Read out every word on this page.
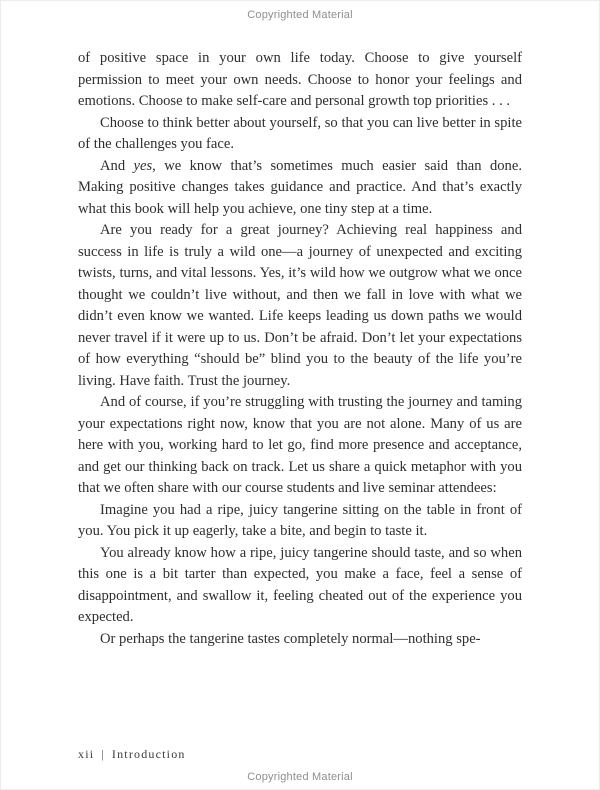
Copyrighted Material

of positive space in your own life today. Choose to give yourself permission to meet your own needs. Choose to honor your feelings and emotions. Choose to make self-care and personal growth top priorities . . .

Choose to think better about yourself, so that you can live better in spite of the challenges you face.

And yes, we know that’s sometimes much easier said than done. Making positive changes takes guidance and practice. And that’s exactly what this book will help you achieve, one tiny step at a time.

Are you ready for a great journey? Achieving real happiness and success in life is truly a wild one—a journey of unexpected and exciting twists, turns, and vital lessons. Yes, it’s wild how we outgrow what we once thought we couldn’t live without, and then we fall in love with what we didn’t even know we wanted. Life keeps leading us down paths we would never travel if it were up to us. Don’t be afraid. Don’t let your expectations of how everything “should be” blind you to the beauty of the life you’re living. Have faith. Trust the journey.

And of course, if you’re struggling with trusting the journey and taming your expectations right now, know that you are not alone. Many of us are here with you, working hard to let go, find more presence and acceptance, and get our thinking back on track. Let us share a quick metaphor with you that we often share with our course students and live seminar attendees:

Imagine you had a ripe, juicy tangerine sitting on the table in front of you. You pick it up eagerly, take a bite, and begin to taste it.

You already know how a ripe, juicy tangerine should taste, and so when this one is a bit tarter than expected, you make a face, feel a sense of disappointment, and swallow it, feeling cheated out of the experience you expected.

Or perhaps the tangerine tastes completely normal—nothing spe-

xii | Introduction
Copyrighted Material
